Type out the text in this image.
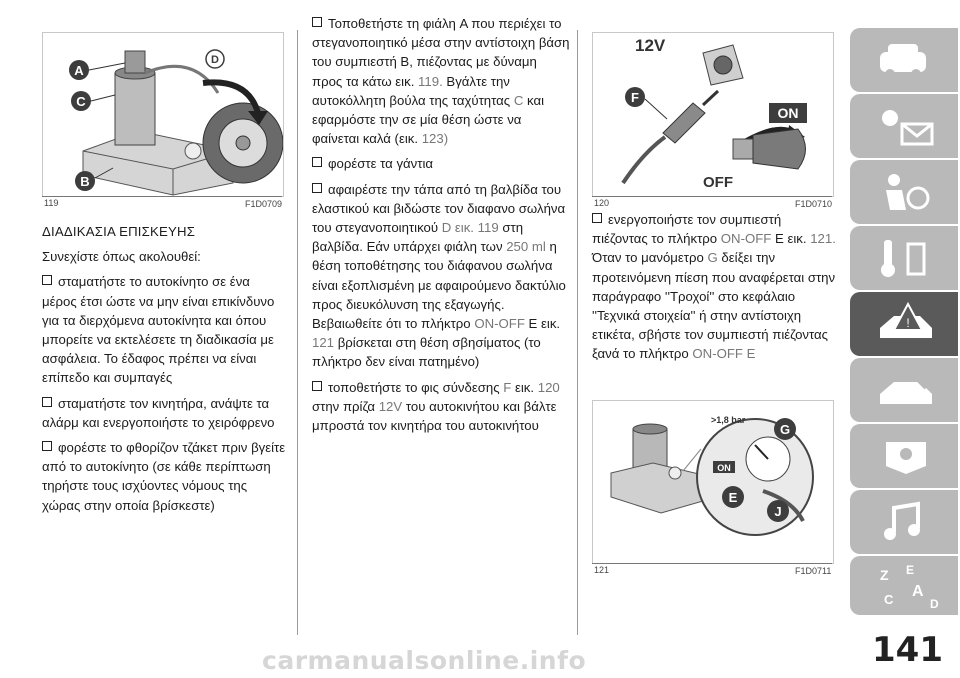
A
C
B
D
119	F1D0709
12V
F
ON
OFF
120	F1D0710
>1,8 bar
ON
G
E
J
121	F1D0711

ΔΙΑΔΙΚΑΣΙΑ ΕΠΙΣΚΕΥΗΣ

Συνεχίστε όπως ακολουθεί:

σταματήστε το αυτοκίνητο σε ένα μέρος έτσι ώστε να μην είναι επικίνδυνο για τα διερχόμενα αυτοκίνητα και όπου μπορείτε να εκτελέσετε τη διαδικασία με ασφάλεια. Το έδαφος πρέπει να είναι επίπεδο και συμπαγές

σταματήστε τον κινητήρα, ανάψτε τα αλάρμ και ενεργοποιήστε το χειρόφρενο

φορέστε το φθορίζον τζάκετ πριν βγείτε από το αυτοκίνητο (σε κάθε περίπτωση τηρήστε τους ισχύοντες νόμους της χώρας στην οποία βρίσκεστε)

Τοποθετήστε τη φιάλη A που περιέχει το στεγανοποιητικό μέσα στην αντίστοιχη βάση του συμπιεστή B, πιέζοντας με δύναμη προς τα κάτω εικ. 119. Βγάλτε την αυτοκόλλητη βούλα της ταχύτητας C και εφαρμόστε την σε μία θέση ώστε να φαίνεται καλά (εικ. 123)

φορέστε τα γάντια

αφαιρέστε την τάπα από τη βαλβίδα του ελαστικού και βιδώστε τον διαφανο σωλήνα του στεγανοποιητικού D εικ. 119 στη βαλβίδα. Εάν υπάρχει φιάλη των 250 ml η θέση τοποθέτησης του διάφανου σωλήνα είναι εξοπλισμένη με αφαιρούμενο δακτύλιο προς διευκόλυνση της εξαγωγής. Βεβαιωθείτε ότι το πλήκτρο ON-OFF E εικ. 121 βρίσκεται στη θέση σβησίματος (το πλήκτρο δεν είναι πατημένο)

τοποθετήστε το φις σύνδεσης F εικ. 120 στην πρίζα 12V του αυτοκινήτου και βάλτε μπροστά τον κινητήρα του αυτοκινήτου

ενεργοποιήστε τον συμπιεστή πιέζοντας το πλήκτρο ON-OFF E εικ. 121. Όταν το μανόμετρο G δείξει την προτεινόμενη πίεση που αναφέρεται στην παράγραφο ''Τροχοί'' στο κεφάλαιο ''Τεχνικά στοιχεία'' ή στην αντίστοιχη ετικέτα, σβήστε τον συμπιεστή πιέζοντας ξανά το πλήκτρο ON-OFF E

!
Z E
A
C	D
141
carmanualsonline.info
